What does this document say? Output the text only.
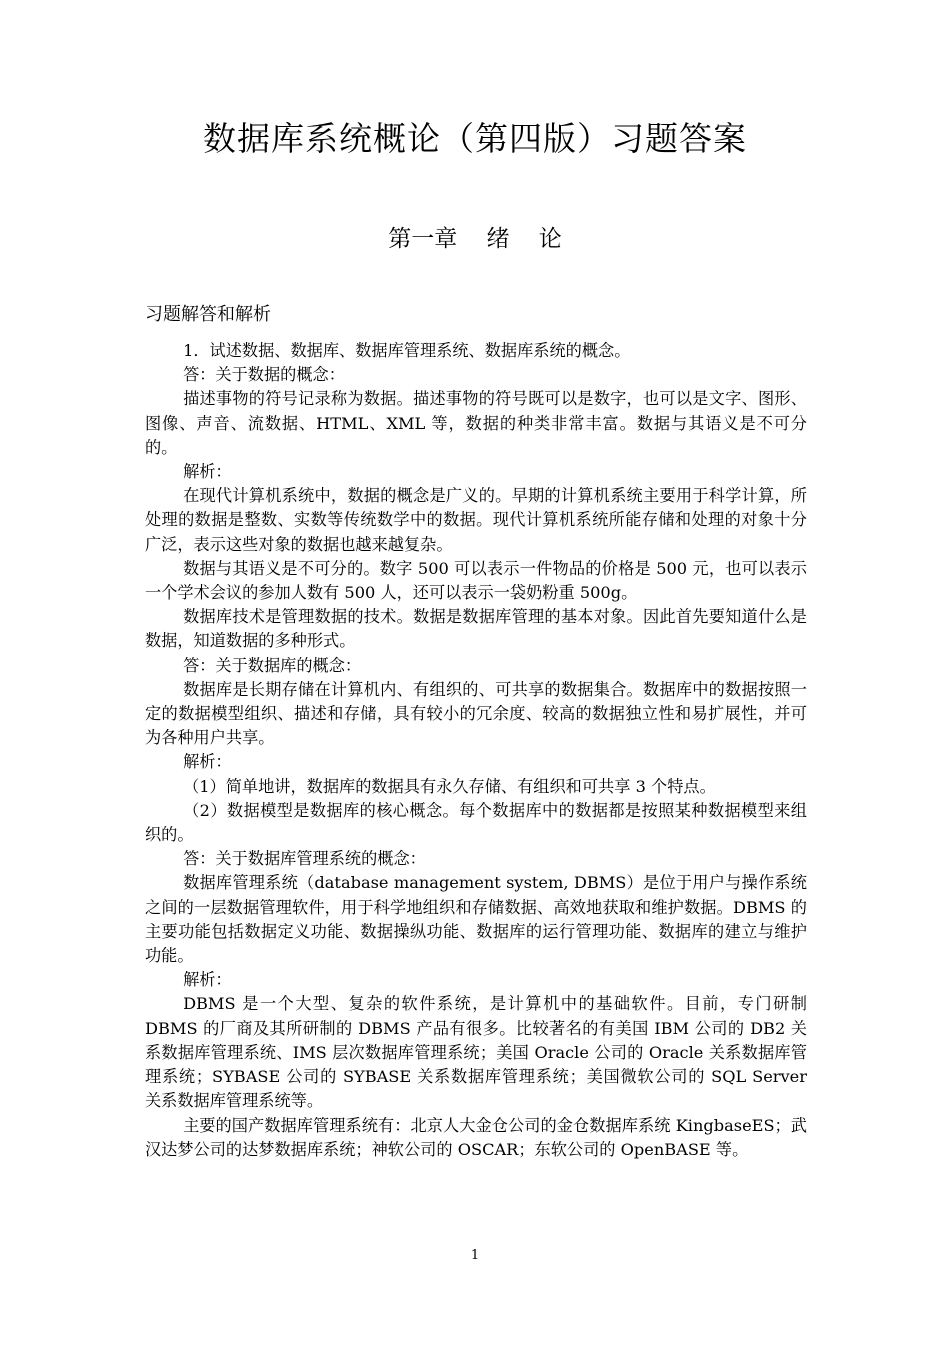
数据库系统概论（第四版）习题答案
第一章    绪    论
习题解答和解析

1．试述数据、数据库、数据库管理系统、数据库系统的概念。

答：关于数据的概念：

描述事物的符号记录称为数据。描述事物的符号既可以是数字，也可以是文字、图形、图像、声音、流数据、HTML、XML 等，数据的种类非常丰富。数据与其语义是不可分的。

解析：

在现代计算机系统中，数据的概念是广义的。早期的计算机系统主要用于科学计算，所处理的数据是整数、实数等传统数学中的数据。现代计算机系统所能存储和处理的对象十分广泛，表示这些对象的数据也越来越复杂。

数据与其语义是不可分的。数字 500 可以表示一件物品的价格是 500 元，也可以表示一个学术会议的参加人数有 500 人，还可以表示一袋奶粉重 500g。

数据库技术是管理数据的技术。数据是数据库管理的基本对象。因此首先要知道什么是数据，知道数据的多种形式。

答：关于数据库的概念：

数据库是长期存储在计算机内、有组织的、可共享的数据集合。数据库中的数据按照一定的数据模型组织、描述和存储，具有较小的冗余度、较高的数据独立性和易扩展性，并可为各种用户共享。

解析：

（1）简单地讲，数据库的数据具有永久存储、有组织和可共享 3 个特点。

（2）数据模型是数据库的核心概念。每个数据库中的数据都是按照某种数据模型来组织的。

答：关于数据库管理系统的概念：

数据库管理系统（database management system, DBMS）是位于用户与操作系统之间的一层数据管理软件，用于科学地组织和存储数据、高效地获取和维护数据。DBMS 的主要功能包括数据定义功能、数据操纵功能、数据库的运行管理功能、数据库的建立与维护功能。

解析：

DBMS 是一个大型、复杂的软件系统，是计算机中的基础软件。目前，专门研制 DBMS 的厂商及其所研制的 DBMS 产品有很多。比较著名的有美国 IBM 公司的 DB2 关系数据库管理系统、IMS 层次数据库管理系统；美国 Oracle 公司的 Oracle 关系数据库管理系统；SYBASE 公司的 SYBASE 关系数据库管理系统；美国微软公司的 SQL Server 关系数据库管理系统等。

主要的国产数据库管理系统有：北京人大金仓公司的金仓数据库系统 KingbaseES；武汉达梦公司的达梦数据库系统；神软公司的 OSCAR；东软公司的 OpenBASE 等。

1
